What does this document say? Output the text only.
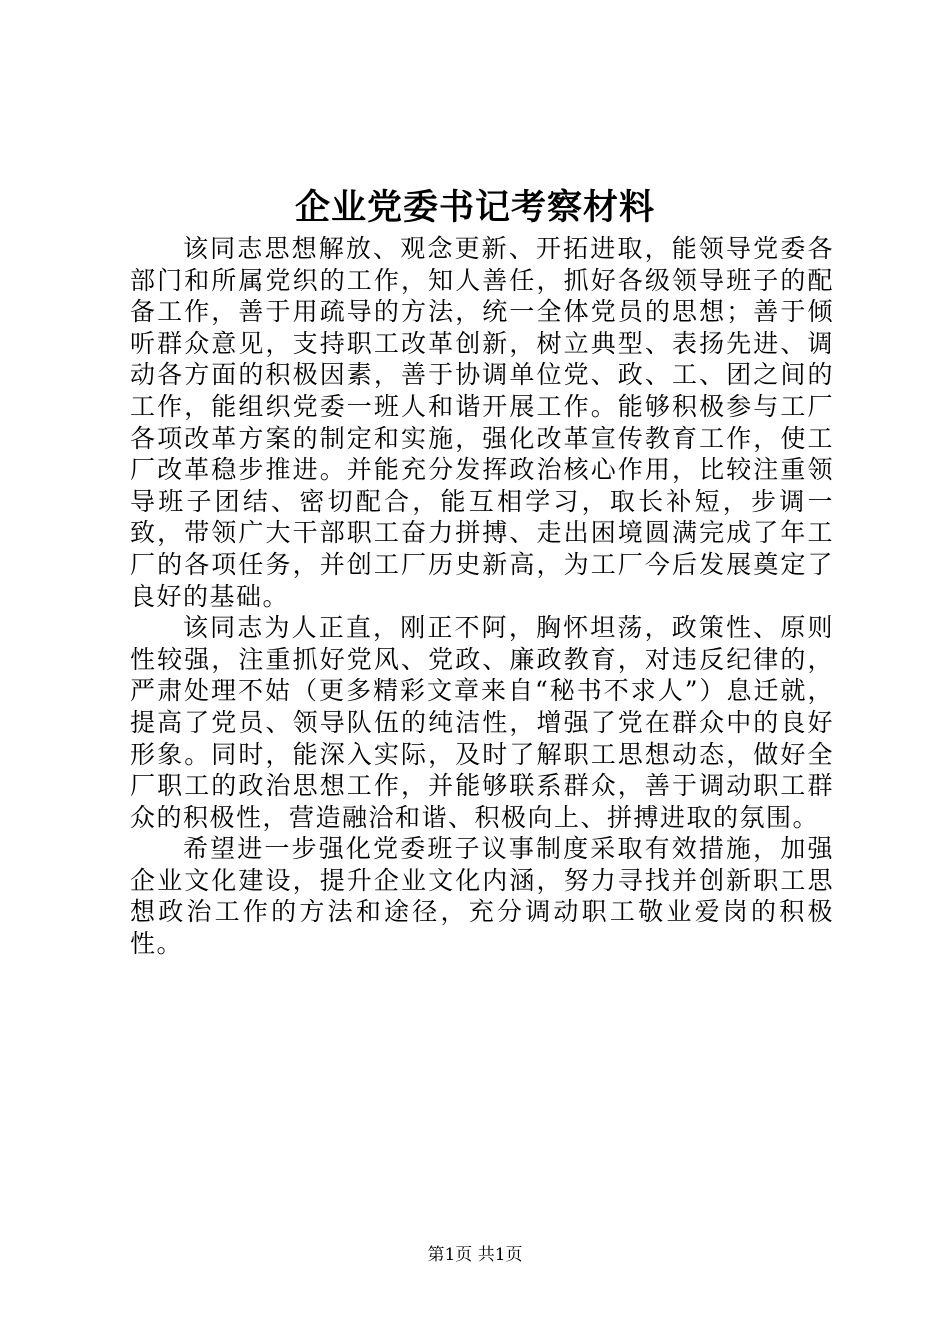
企业党委书记考察材料

该同志思想解放、观念更新、开拓进取，能领导党委各部门和所属党织的工作，知人善任，抓好各级领导班子的配备工作，善于用疏导的方法，统一全体党员的思想；善于倾听群众意见，支持职工改革创新，树立典型、表扬先进、调动各方面的积极因素，善于协调单位党、政、工、团之间的工作，能组织党委一班人和谐开展工作。能够积极参与工厂各项改革方案的制定和实施，强化改革宣传教育工作，使工厂改革稳步推进。并能充分发挥政治核心作用，比较注重领导班子团结、密切配合，能互相学习，取长补短，步调一致，带领广大干部职工奋力拼搏、走出困境圆满完成了年工厂的各项任务，并创工厂历史新高，为工厂今后发展奠定了良好的基础。

该同志为人正直，刚正不阿，胸怀坦荡，政策性、原则性较强，注重抓好党风、党政、廉政教育，对违反纪律的，严肃处理不姑（更多精彩文章来自“秘书不求人”）息迁就，提高了党员、领导队伍的纯洁性，增强了党在群众中的良好形象。同时，能深入实际，及时了解职工思想动态，做好全厂职工的政治思想工作，并能够联系群众，善于调动职工群众的积极性，营造融洽和谐、积极向上、拼搏进取的氛围。

希望进一步强化党委班子议事制度采取有效措施，加强企业文化建设，提升企业文化内涵，努力寻找并创新职工思想政治工作的方法和途径，充分调动职工敬业爱岗的积极性。

第1页 共1页
